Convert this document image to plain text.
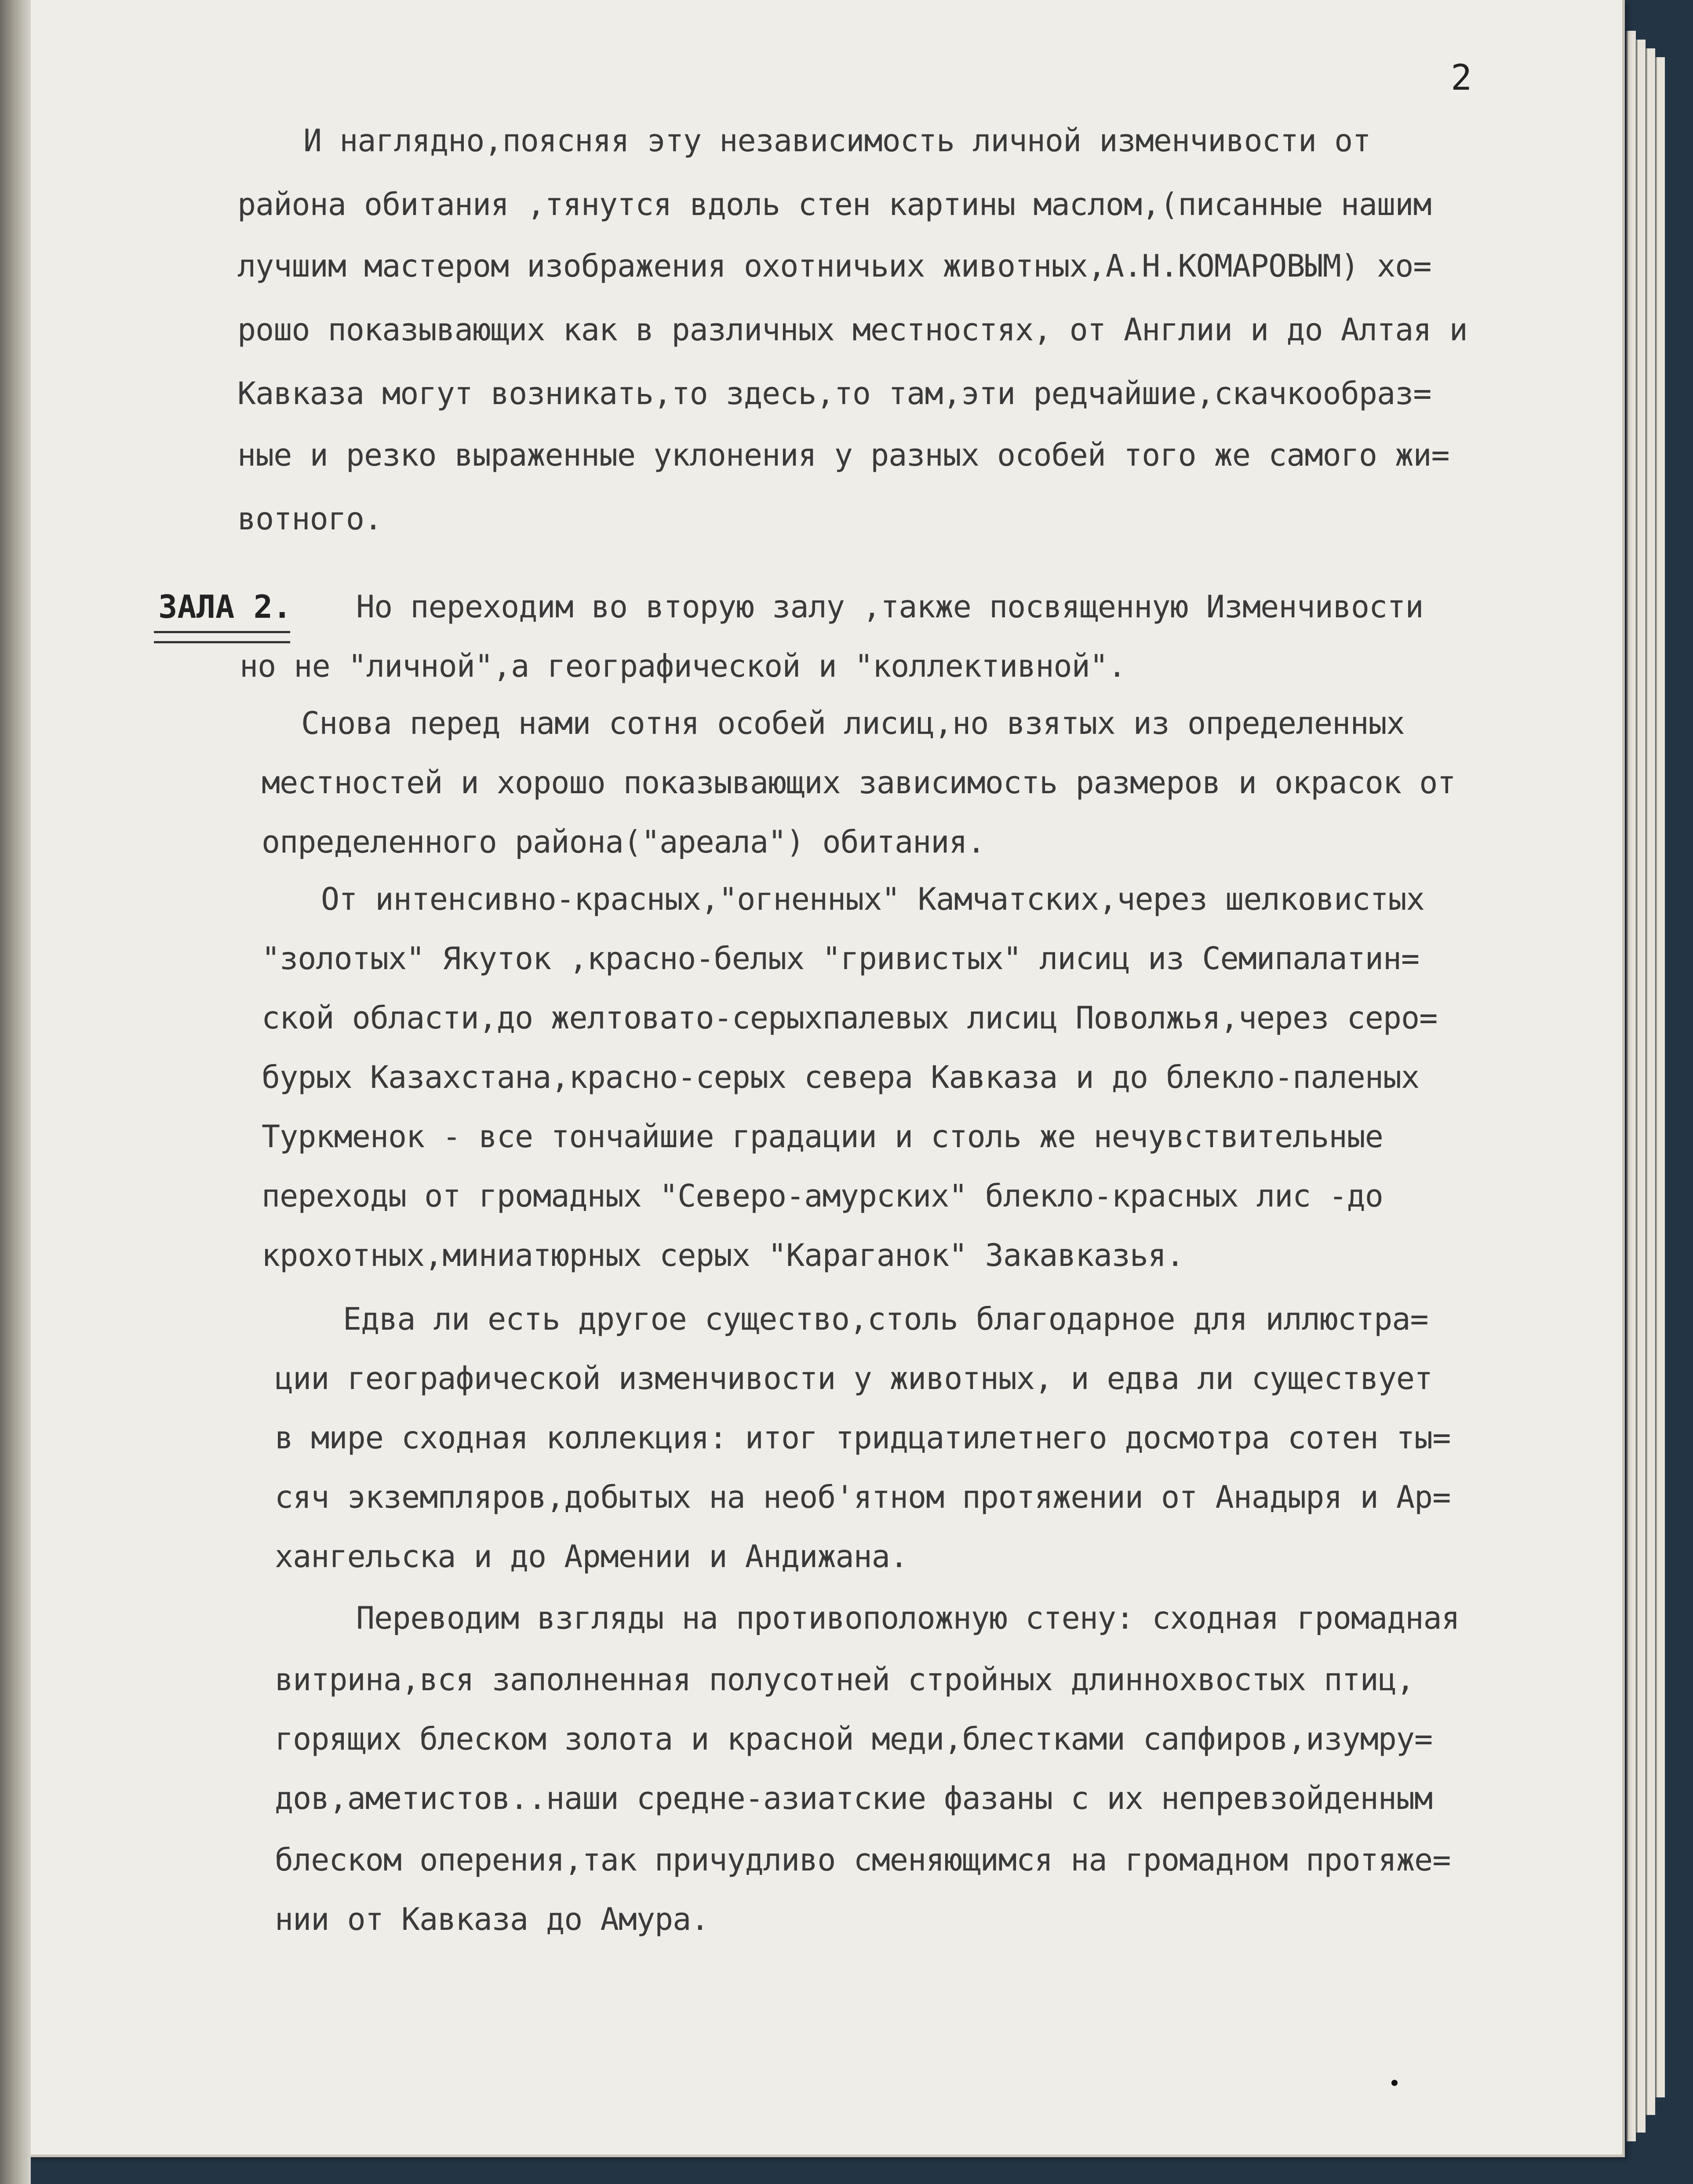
2
ЗАЛА 2.
И наглядно,поясняя эту независимость личной изменчивости от
района обитания ,тянутся вдоль стен картины маслом,(писанные нашим
лучшим мастером изображения охотничьих животных,А.Н.КОМАРОВЫМ) хо=
рошо показывающих как в различных местностях, от Англии и до Алтая и
Кавказа могут возникать,то здесь,то там,эти редчайшие,скачкообраз=
ные и резко выраженные уклонения у разных особей того же самого жи=
вотного.
Но переходим во вторую залу ,также посвященную Изменчивости
но не "личной",а географической и "коллективной".
Снова перед нами сотня особей лисиц,но взятых из определенных
местностей и хорошо показывающих зависимость размеров и окрасок от
определенного района("ареала") обитания.
От интенсивно-красных,"огненных" Камчатских,через шелковистых
"золотых" Якуток ,красно-белых "гривистых" лисиц из Семипалатин=
ской области,до желтовато-серыхпалевых лисиц Поволжья,через серо=
бурых Казахстана,красно-серых севера Кавказа и до блекло-паленых
Туркменок - все тончайшие градации и столь же нечувствительные
переходы от громадных "Северо-амурских" блекло-красных лис -до
крохотных,миниатюрных серых "Караганок" Закавказья.
Едва ли есть другое существо,столь благодарное для иллюстра=
ции географической изменчивости у животных, и едва ли существует
в мире сходная коллекция: итог тридцатилетнего досмотра сотен ты=
сяч экземпляров,добытых на необ'ятном протяжении от Анадыря и Ар=
хангельска и до Армении и Андижана.
Переводим взгляды на противоположную стену: сходная громадная
витрина,вся заполненная полусотней стройных длиннохвостых птиц,
горящих блеском золота и красной меди,блестками сапфиров,изумру=
дов,аметистов..наши средне-азиатские фазаны с их непревзойденным
блеском оперения,так причудливо сменяющимся на громадном протяже=
нии от Кавказа до Амура.
